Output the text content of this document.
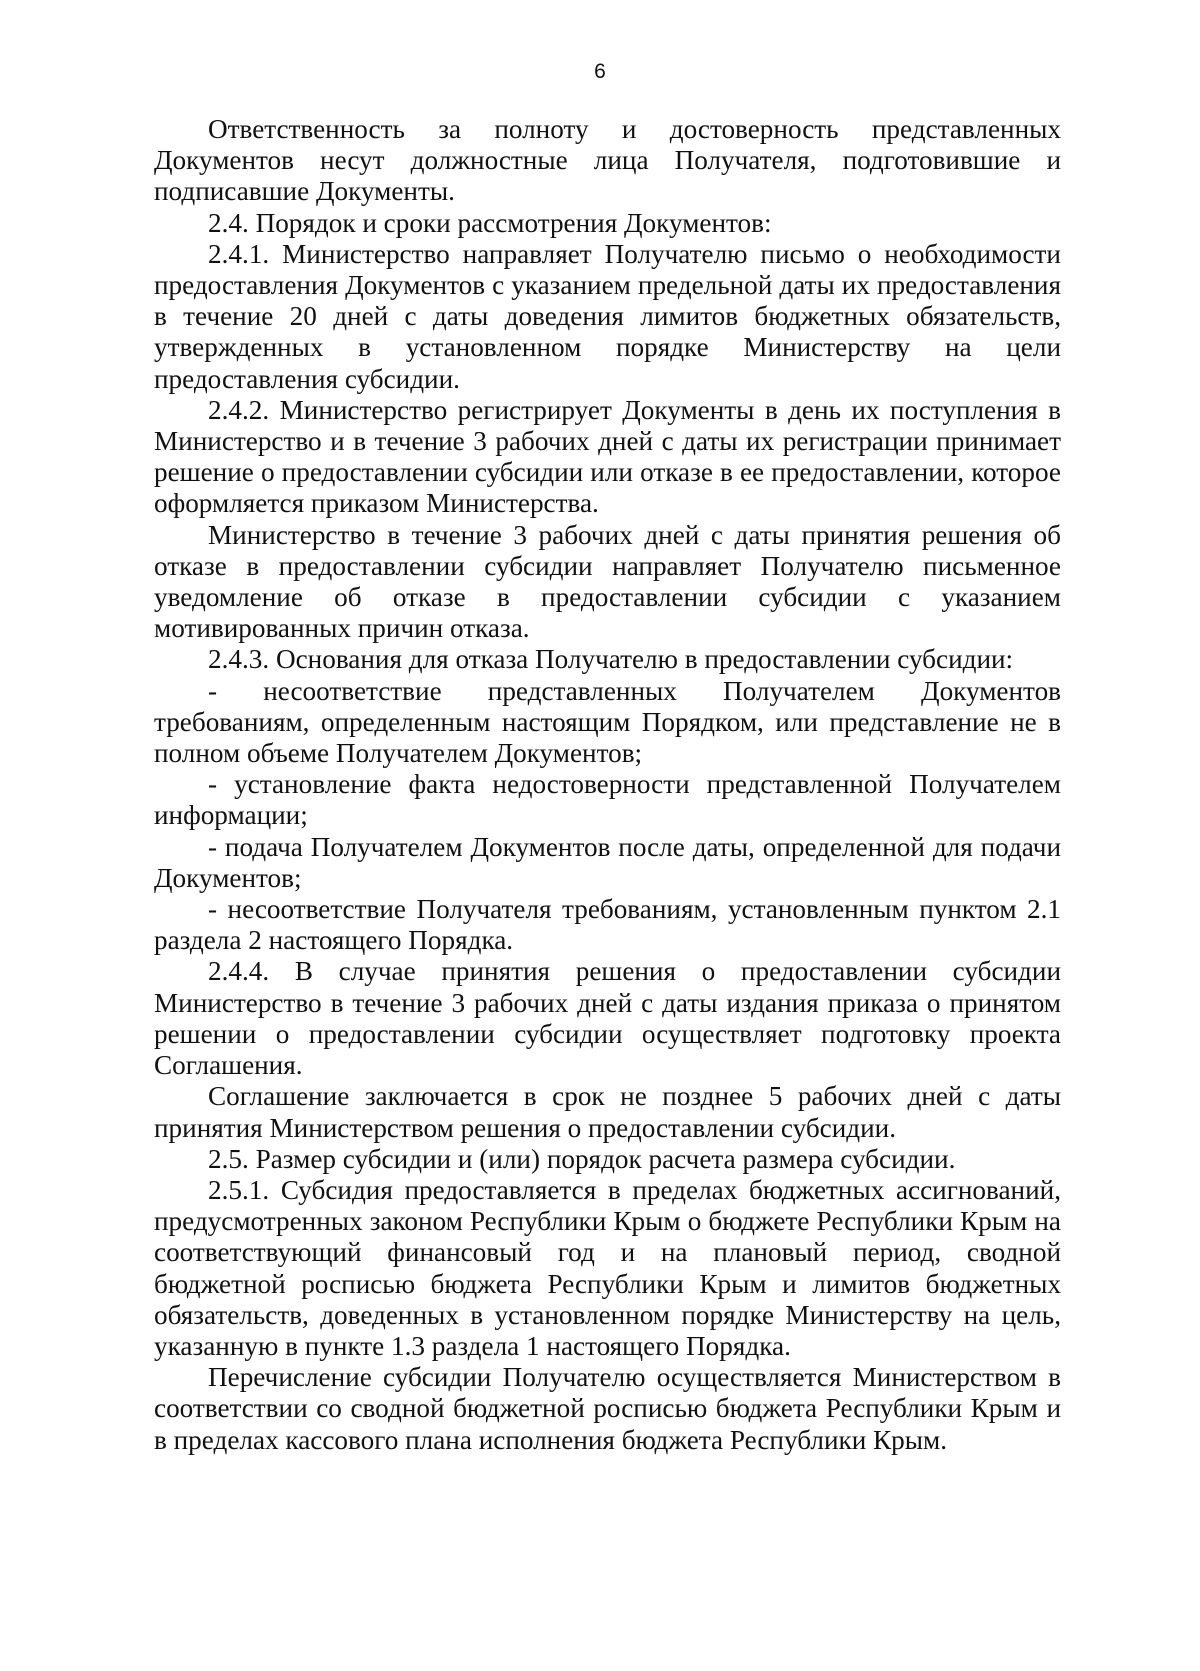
6

Ответственность за полноту и достоверность представленных Документов несут должностные лица Получателя, подготовившие и подписавшие Документы.

2.4. Порядок и сроки рассмотрения Документов:

2.4.1. Министерство направляет Получателю письмо о необходимости предоставления Документов с указанием предельной даты их предоставления в течение 20 дней с даты доведения лимитов бюджетных обязательств, утвержденных в установленном порядке Министерству на цели предоставления субсидии.

2.4.2. Министерство регистрирует Документы в день их поступления в Министерство и в течение 3 рабочих дней с даты их регистрации принимает решение о предоставлении субсидии или отказе в ее предоставлении, которое оформляется приказом Министерства.

Министерство в течение 3 рабочих дней с даты принятия решения об отказе в предоставлении субсидии направляет Получателю письменное уведомление об отказе в предоставлении субсидии с указанием мотивированных причин отказа.

2.4.3. Основания для отказа Получателю в предоставлении субсидии:

- несоответствие представленных Получателем Документов требованиям, определенным настоящим Порядком, или представление не в полном объеме Получателем Документов;

- установление факта недостоверности представленной Получателем информации;

- подача Получателем Документов после даты, определенной для подачи Документов;

- несоответствие Получателя требованиям, установленным пунктом 2.1 раздела 2 настоящего Порядка.

2.4.4. В случае принятия решения о предоставлении субсидии Министерство в течение 3 рабочих дней с даты издания приказа о принятом решении о предоставлении субсидии осуществляет подготовку проекта Соглашения.

Соглашение заключается в срок не позднее 5 рабочих дней с даты принятия Министерством решения о предоставлении субсидии.

2.5. Размер субсидии и (или) порядок расчета размера субсидии.

2.5.1. Субсидия предоставляется в пределах бюджетных ассигнований, предусмотренных законом Республики Крым о бюджете Республики Крым на соответствующий финансовый год и на плановый период, сводной бюджетной росписью бюджета Республики Крым и лимитов бюджетных обязательств, доведенных в установленном порядке Министерству на цель, указанную в пункте 1.3 раздела 1 настоящего Порядка.

Перечисление субсидии Получателю осуществляется Министерством в соответствии со сводной бюджетной росписью бюджета Республики Крым и в пределах кассового плана исполнения бюджета Республики Крым.
